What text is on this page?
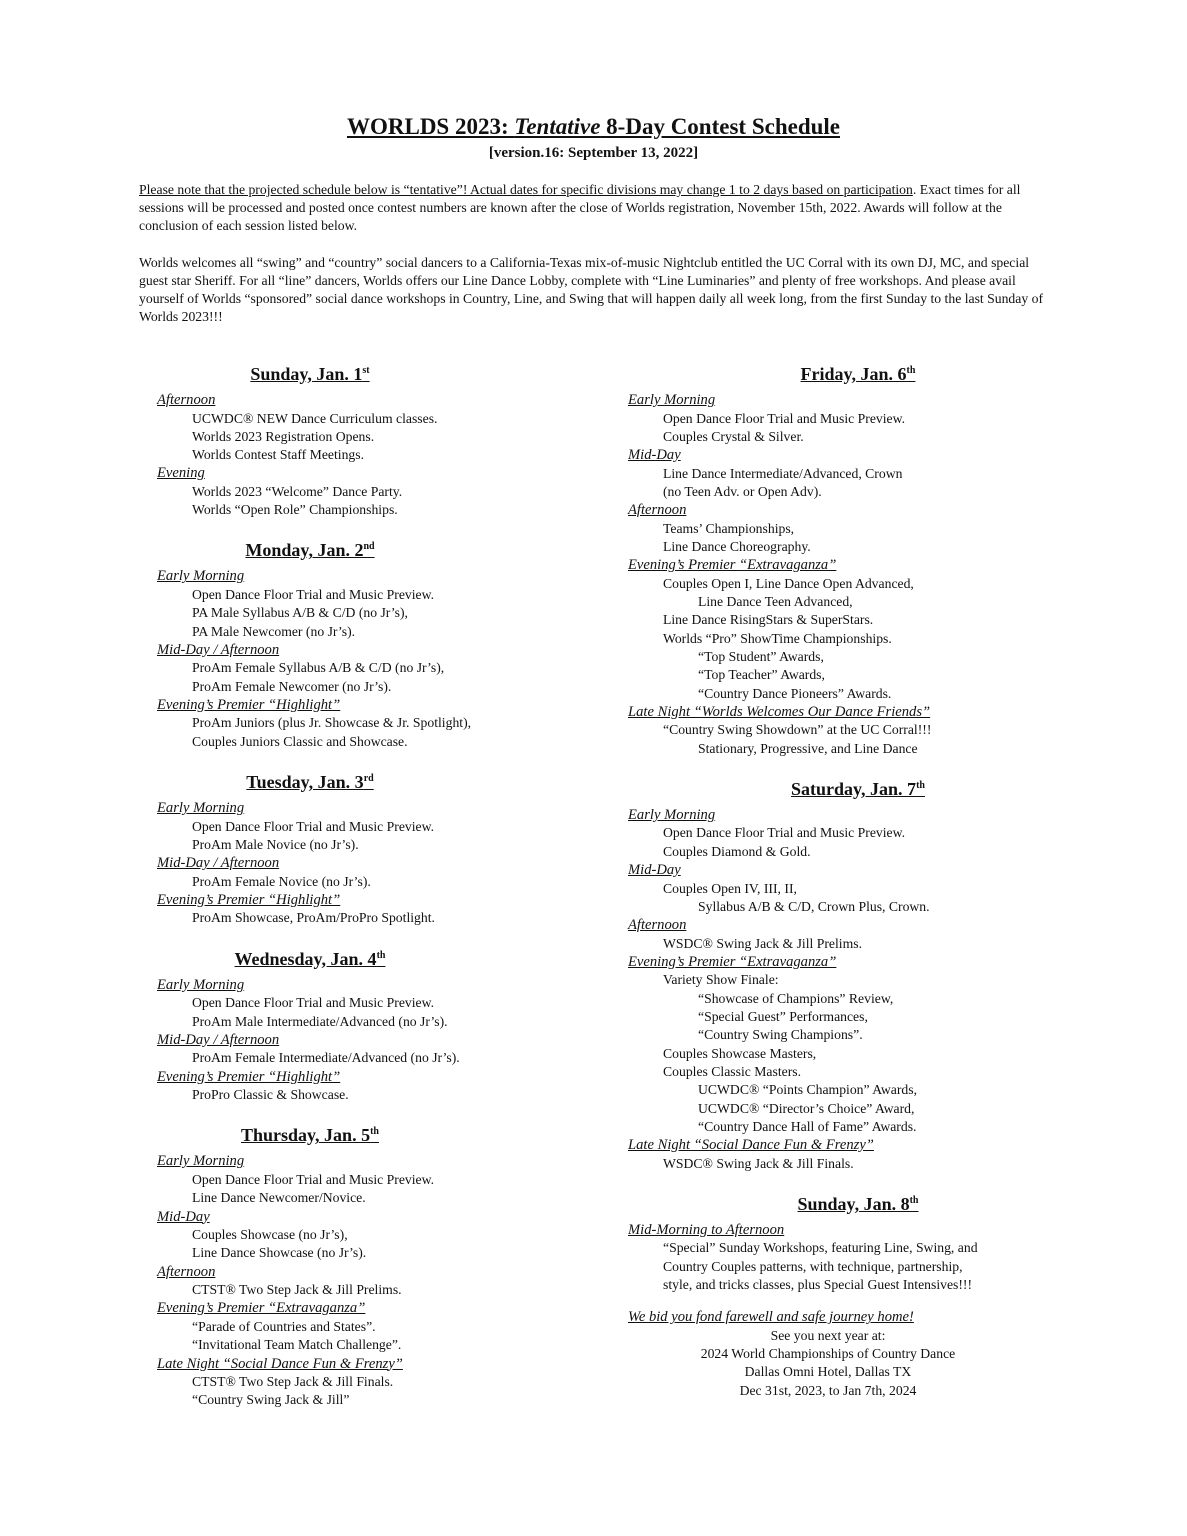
WORLDS 2023: Tentative 8-Day Contest Schedule
[version.16: September 13, 2022]
Please note that the projected schedule below is “tentative”! Actual dates for specific divisions may change 1 to 2 days based on participation. Exact times for all sessions will be processed and posted once contest numbers are known after the close of Worlds registration, November 15th, 2022. Awards will follow at the conclusion of each session listed below.
Worlds welcomes all “swing” and “country” social dancers to a California-Texas mix-of-music Nightclub entitled the UC Corral with its own DJ, MC, and special guest star Sheriff. For all “line” dancers, Worlds offers our Line Dance Lobby, complete with “Line Luminaries” and plenty of free workshops. And please avail yourself of Worlds “sponsored” social dance workshops in Country, Line, and Swing that will happen daily all week long, from the first Sunday to the last Sunday of Worlds 2023!!!
Sunday, Jan. 1st
Afternoon
UCWDC® NEW Dance Curriculum classes.
Worlds 2023 Registration Opens.
Worlds Contest Staff Meetings.
Evening
Worlds 2023 “Welcome” Dance Party.
Worlds “Open Role” Championships.
Monday, Jan. 2nd
Early Morning
Open Dance Floor Trial and Music Preview.
PA Male Syllabus A/B & C/D (no Jr’s),
PA Male Newcomer (no Jr’s).
Mid-Day / Afternoon
ProAm Female Syllabus A/B & C/D (no Jr’s),
ProAm Female Newcomer (no Jr’s).
Evening’s Premier “Highlight”
ProAm Juniors (plus Jr. Showcase & Jr. Spotlight),
Couples Juniors Classic and Showcase.
Tuesday, Jan. 3rd
Early Morning
Open Dance Floor Trial and Music Preview.
ProAm Male Novice (no Jr’s).
Mid-Day / Afternoon
ProAm Female Novice (no Jr’s).
Evening’s Premier “Highlight”
ProAm Showcase, ProAm/ProPro Spotlight.
Wednesday, Jan. 4th
Early Morning
Open Dance Floor Trial and Music Preview.
ProAm Male Intermediate/Advanced (no Jr’s).
Mid-Day / Afternoon
ProAm Female Intermediate/Advanced (no Jr’s).
Evening’s Premier “Highlight”
ProPro Classic & Showcase.
Thursday, Jan. 5th
Early Morning
Open Dance Floor Trial and Music Preview.
Line Dance Newcomer/Novice.
Mid-Day
Couples Showcase (no Jr’s),
Line Dance Showcase (no Jr’s).
Afternoon
CTST® Two Step Jack & Jill Prelims.
Evening’s Premier “Extravaganza”
“Parade of Countries and States”.
“Invitational Team Match Challenge”.
Late Night “Social Dance Fun & Frenzy”
CTST® Two Step Jack & Jill Finals.
“Country Swing Jack & Jill”
Friday, Jan. 6th
Early Morning
Open Dance Floor Trial and Music Preview.
Couples Crystal & Silver.
Mid-Day
Line Dance Intermediate/Advanced, Crown
(no Teen Adv. or Open Adv).
Afternoon
Teams’ Championships,
Line Dance Choreography.
Evening’s Premier “Extravaganza”
Couples Open I, Line Dance Open Advanced,
Line Dance Teen Advanced,
Line Dance RisingStars & SuperStars.
Worlds “Pro” ShowTime Championships.
“Top Student” Awards,
“Top Teacher” Awards,
“Country Dance Pioneers” Awards.
Late Night “Worlds Welcomes Our Dance Friends”
“Country Swing Showdown” at the UC Corral!!!
Stationary, Progressive, and Line Dance
Saturday, Jan. 7th
Early Morning
Open Dance Floor Trial and Music Preview.
Couples Diamond & Gold.
Mid-Day
Couples Open IV, III, II,
Syllabus A/B & C/D, Crown Plus, Crown.
Afternoon
WSDC® Swing Jack & Jill Prelims.
Evening’s Premier “Extravaganza”
Variety Show Finale:
“Showcase of Champions” Review,
“Special Guest” Performances,
“Country Swing Champions”.
Couples Showcase Masters,
Couples Classic Masters.
UCWDC® “Points Champion” Awards,
UCWDC® “Director’s Choice” Award,
“Country Dance Hall of Fame” Awards.
Late Night “Social Dance Fun & Frenzy”
WSDC® Swing Jack & Jill Finals.
Sunday, Jan. 8th
Mid-Morning to Afternoon
“Special” Sunday Workshops, featuring Line, Swing, and
Country Couples patterns, with technique, partnership,
style, and tricks classes, plus Special Guest Intensives!!!
We bid you fond farewell and safe journey home!
See you next year at:
2024 World Championships of Country Dance
Dallas Omni Hotel, Dallas TX
Dec 31st, 2023, to Jan 7th, 2024
